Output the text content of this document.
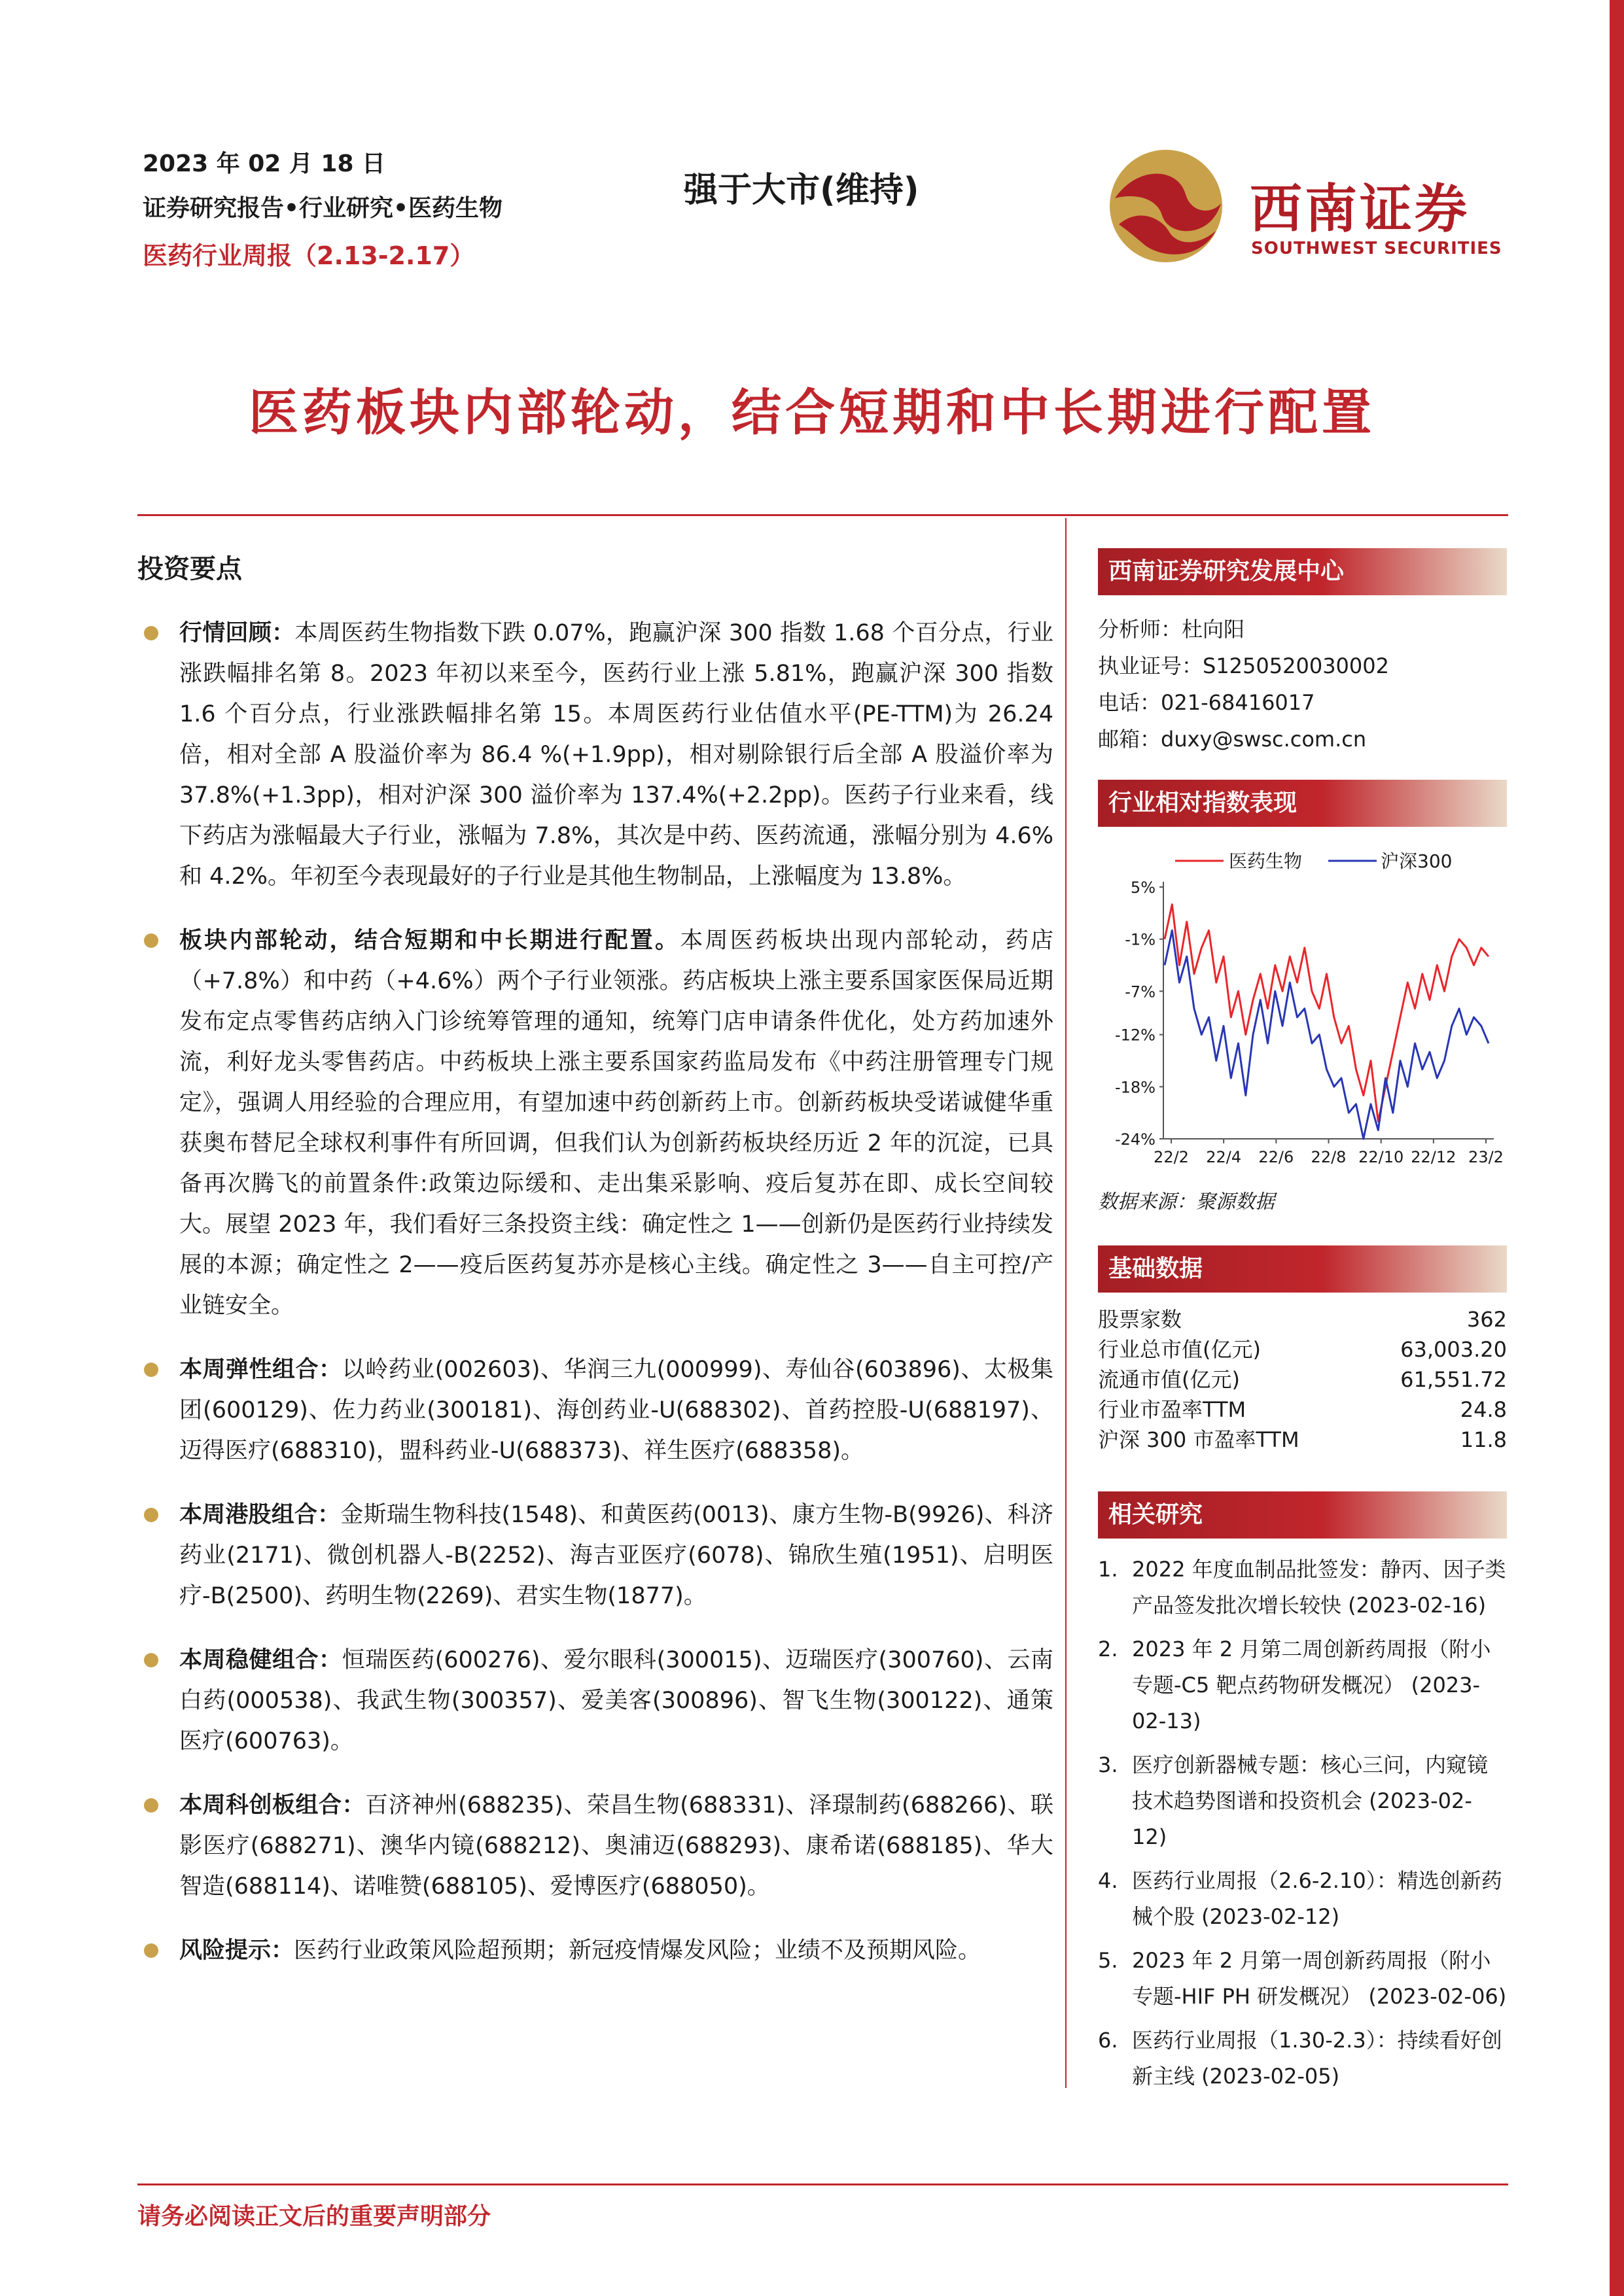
2023 年 02 月 18 日
证券研究报告•行业研究•医药生物
医药行业周报（2.13-2.17）
强于大市(维持)	西南证券
SOUTHWEST SECURITIES
医药板块内部轮动，结合短期和中长期进行配置
投资要点
行情回顾：本周医药生物指数下跌 0.07%，跑赢沪深 300 指数 1.68 个百分点，行业涨跌幅排名第 8。2023 年初以来至今，医药行业上涨 5.81%，跑赢沪深 300 指数 1.6 个百分点，行业涨跌幅排名第 15。本周医药行业估值水平(PE-TTM)为 26.24 倍，相对全部 A 股溢价率为 86.4 %(+1.9pp)，相对剔除银行后全部 A 股溢价率为 37.8%(+1.3pp)，相对沪深 300 溢价率为 137.4%(+2.2pp)。医药子行业来看，线下药店为涨幅最大子行业，涨幅为 7.8%，其次是中药、医药流通，涨幅分别为 4.6%和 4.2%。年初至今表现最好的子行业是其他生物制品，上涨幅度为 13.8%。
板块内部轮动，结合短期和中长期进行配置。本周医药板块出现内部轮动，药店（+7.8%）和中药（+4.6%）两个子行业领涨。药店板块上涨主要系国家医保局近期发布定点零售药店纳入门诊统筹管理的通知，统筹门店申请条件优化，处方药加速外流，利好龙头零售药店。中药板块上涨主要系国家药监局发布《中药注册管理专门规定》，强调人用经验的合理应用，有望加速中药创新药上市。创新药板块受诺诚健华重获奥布替尼全球权利事件有所回调，但我们认为创新药板块经历近 2 年的沉淀，已具备再次腾飞的前置条件:政策边际缓和、走出集采影响、疫后复苏在即、成长空间较大。展望 2023 年，我们看好三条投资主线：确定性之 1——创新仍是医药行业持续发展的本源；确定性之 2——疫后医药复苏亦是核心主线。确定性之 3——自主可控/产业链安全。
本周弹性组合：以岭药业(002603)、华润三九(000999)、寿仙谷(603896)、太极集团(600129)、佐力药业(300181)、海创药业-U(688302)、首药控股-U(688197)、迈得医疗(688310)，盟科药业-U(688373)、祥生医疗(688358)。
本周港股组合：金斯瑞生物科技(1548)、和黄医药(0013)、康方生物-B(9926)、科济药业(2171)、微创机器人-B(2252)、海吉亚医疗(6078)、锦欣生殖(1951)、启明医疗-B(2500)、药明生物(2269)、君实生物(1877)。
本周稳健组合：恒瑞医药(600276)、爱尔眼科(300015)、迈瑞医疗(300760)、云南白药(000538)、我武生物(300357)、爱美客(300896)、智飞生物(300122)、通策医疗(600763)。
本周科创板组合：百济神州(688235)、荣昌生物(688331)、泽璟制药(688266)、联影医疗(688271)、澳华内镜(688212)、奥浦迈(688293)、康希诺(688185)、华大智造(688114)、诺唯赞(688105)、爱博医疗(688050)。
风险提示：医药行业政策风险超预期；新冠疫情爆发风险；业绩不及预期风险。
西南证券研究发展中心
分析师：杜向阳
执业证号：S1250520030002
电话：021-68416017
邮箱：duxy@swsc.com.cn
行业相对指数表现
医药生物	沪深300
5%
-1%
-7%
-12%
-18%
-24%
22/2 22/4 22/6 22/8 22/10 22/12 23/2
数据来源：聚源数据
基础数据
股票家数	362
行业总市值(亿元)	63,003.20
流通市值(亿元)	61,551.72
行业市盈率TTM	24.8
沪深 300 市盈率TTM	11.8
相关研究
1. 2022 年度血制品批签发：静丙、因子类产品签发批次增长较快 (2023-02-16)
2. 2023 年 2 月第二周创新药周报（附小专题-C5 靶点药物研发概况） (2023-02-13)
3. 医疗创新器械专题：核心三问，内窥镜技术趋势图谱和投资机会 (2023-02-12)
4. 医药行业周报（2.6-2.10）：精选创新药械个股 (2023-02-12)
5. 2023 年 2 月第一周创新药周报（附小专题-HIF PH 研发概况） (2023-02-06)
6. 医药行业周报（1.30-2.3）：持续看好创新主线 (2023-02-05)
请务必阅读正文后的重要声明部分
